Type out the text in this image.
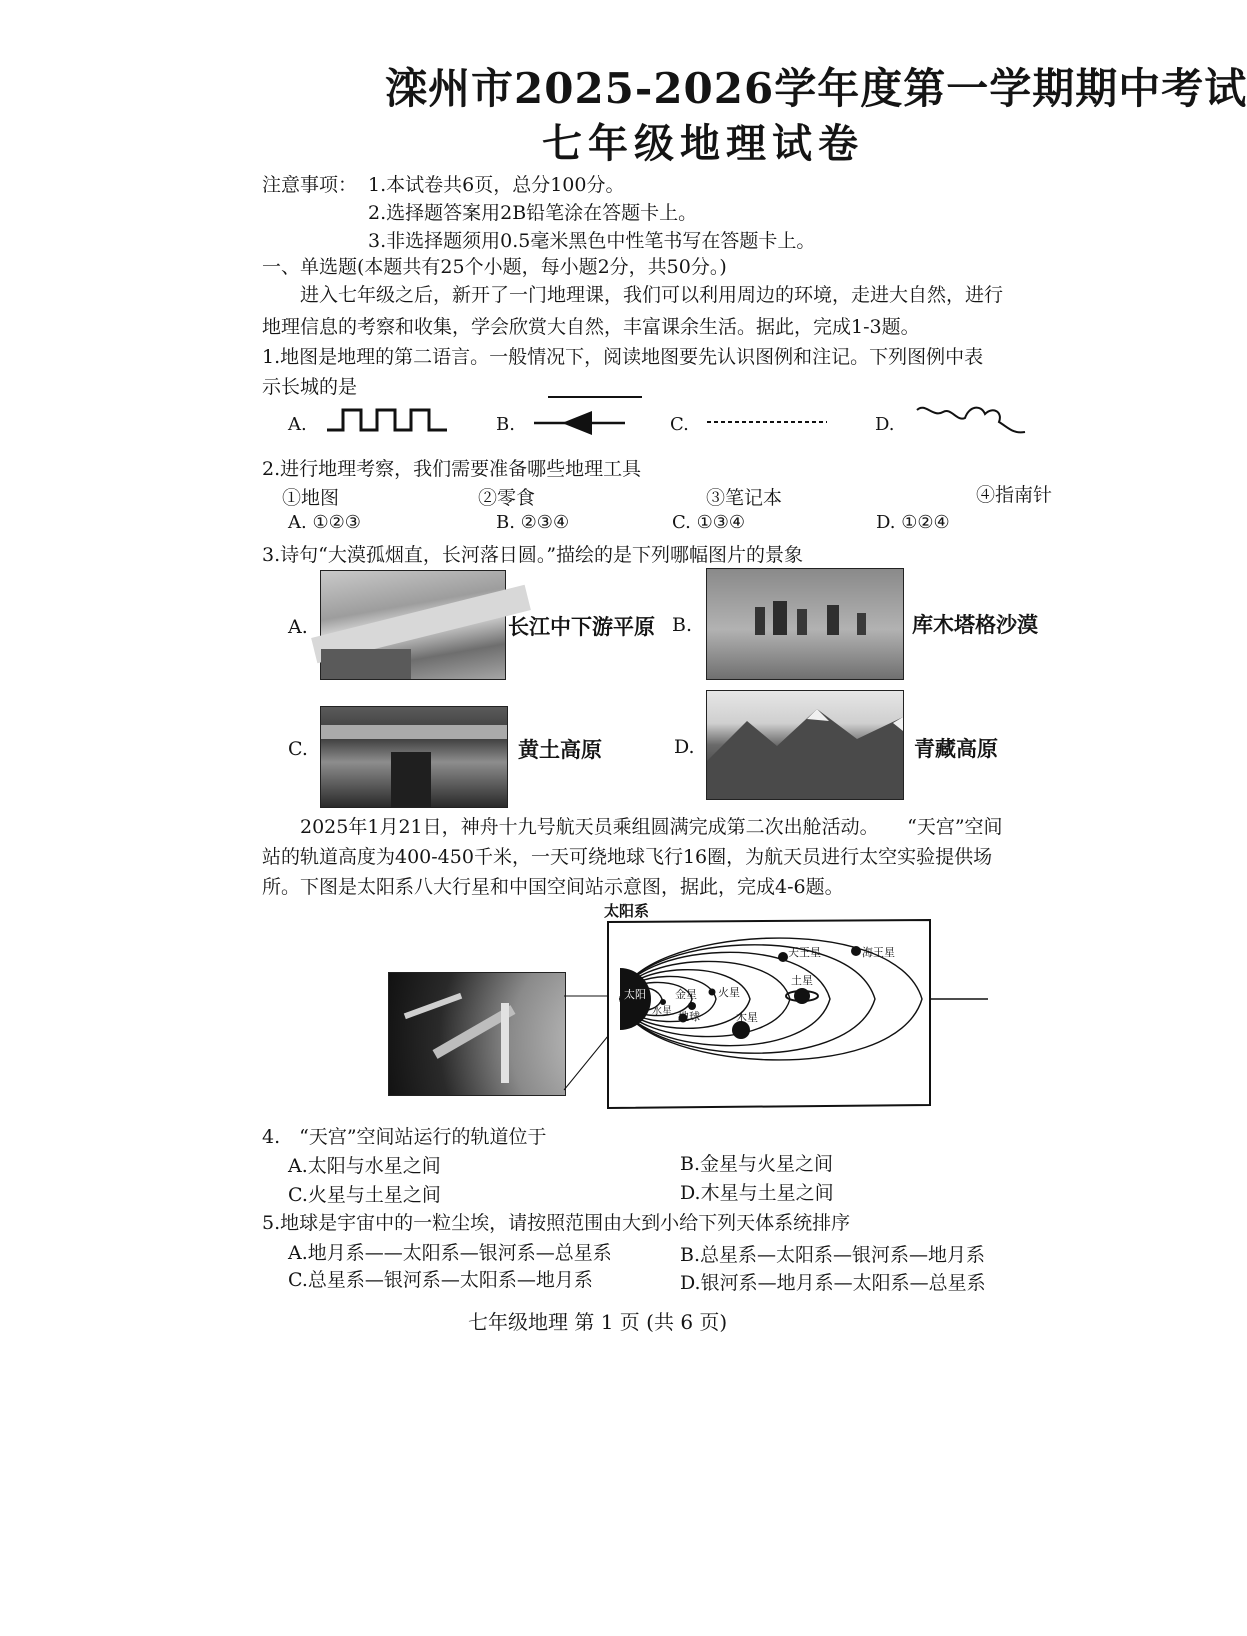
滦州市2025-2026学年度第一学期期中考试
七年级地理试卷
注意事项： 1.本试卷共6页，总分100分。
2.选择题答案用2B铅笔涂在答题卡上。
3.非选择题须用0.5毫米黑色中性笔书写在答题卡上。
一、单选题(本题共有25个小题，每小题2分，共50分。)
进入七年级之后，新开了一门地理课，我们可以利用周边的环境，走进大自然，进行
地理信息的考察和收集，学会欣赏大自然，丰富课余生活。据此，完成1-3题。
1.地图是地理的第二语言。一般情况下，阅读地图要先认识图例和注记。下列图例中表
示长城的是
A.	B.	C.	D.
2.进行地理考察，我们需要准备哪些地理工具
①地图	②零食	③笔记本	④指南针
A. ①②③	B. ②③④	C. ①③④	D. ①②④
3.诗句“大漠孤烟直，长河落日圆。”描绘的是下列哪幅图片的景象
A.	长江中下游平原 B.	库木塔格沙漠
C.	黄土高原	D.	青藏高原
2025年1月21日，神舟十九号航天员乘组圆满完成第二次出舱活动。　　“天宫”空间
站的轨道高度为400-450千米，一天可绕地球飞行16圈，为航天员进行太空实验提供场
所。下图是太阳系八大行星和中国空间站示意图，据此，完成4-6题。
太阳系
太阳
水星
金星
地球
火星
木星
土星
天王星	海王星
4.　“天宫”空间站运行的轨道位于
A.太阳与水星之间	B.金星与火星之间
C.火星与土星之间	D.木星与土星之间
5.地球是宇宙中的一粒尘埃，请按照范围由大到小给下列天体系统排序
A.地月系——太阳系—银河系—总星系	B.总星系—太阳系—银河系—地月系
C.总星系—银河系—太阳系—地月系	D.银河系—地月系—太阳系—总星系
七年级地理 第 1 页 (共 6 页)
